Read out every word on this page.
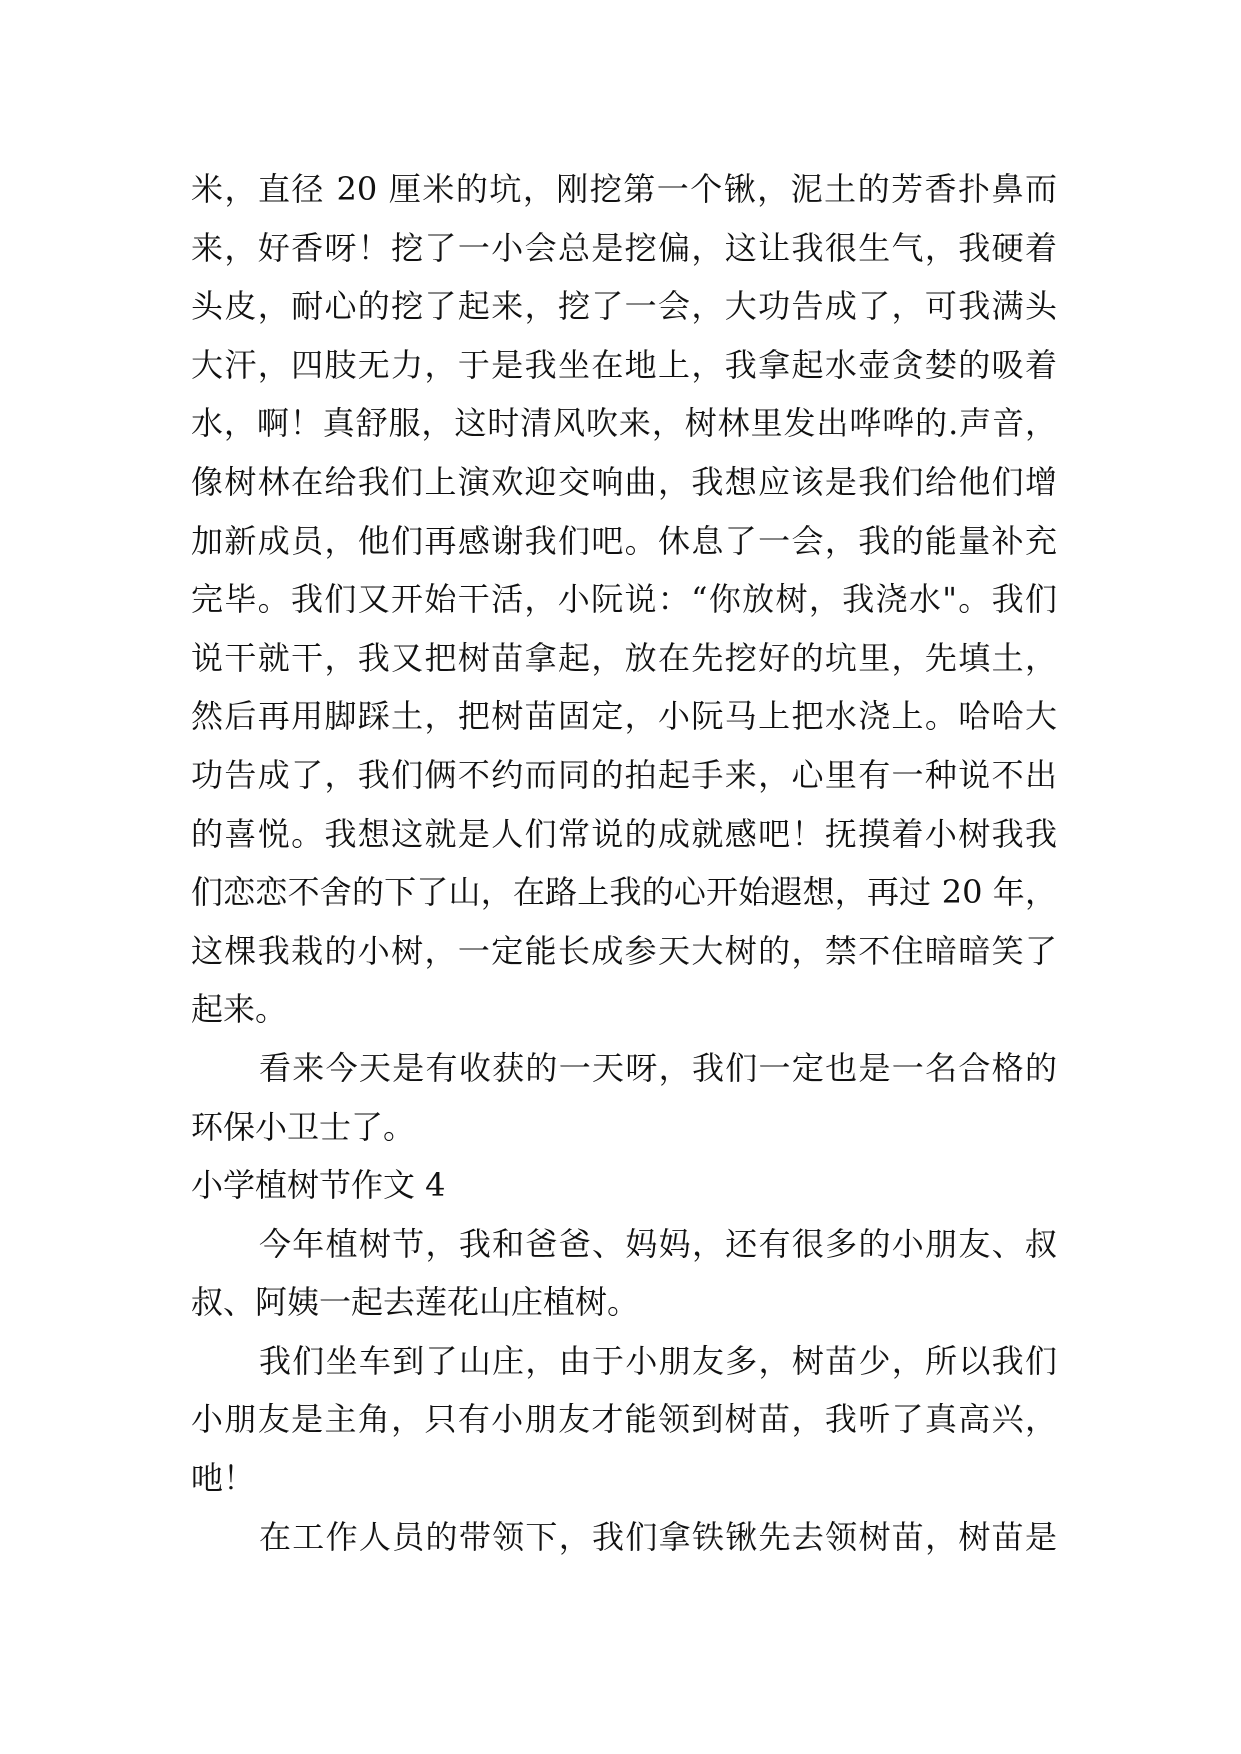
米，直径 20 厘米的坑，刚挖第一个锹，泥土的芳香扑鼻而
来，好香呀！挖了一小会总是挖偏，这让我很生气，我硬着
头皮，耐心的挖了起来，挖了一会，大功告成了，可我满头
大汗，四肢无力，于是我坐在地上，我拿起水壶贪婪的吸着
水，啊！真舒服，这时清风吹来，树林里发出哗哗的.声音，
像树林在给我们上演欢迎交响曲，我想应该是我们给他们增
加新成员，他们再感谢我们吧。休息了一会，我的能量补充
完毕。我们又开始干活，小阮说：“你放树，我浇水"。我们
说干就干，我又把树苗拿起，放在先挖好的坑里，先填土，
然后再用脚踩土，把树苗固定，小阮马上把水浇上。哈哈大
功告成了，我们俩不约而同的拍起手来，心里有一种说不出
的喜悦。我想这就是人们常说的成就感吧！抚摸着小树我我
们恋恋不舍的下了山，在路上我的心开始遐想，再过 20 年，
这棵我栽的小树，一定能长成参天大树的，禁不住暗暗笑了
起来。
看来今天是有收获的一天呀，我们一定也是一名合格的
环保小卫士了。
小学植树节作文 4
今年植树节，我和爸爸、妈妈，还有很多的小朋友、叔
叔、阿姨一起去莲花山庄植树。
我们坐车到了山庄，由于小朋友多，树苗少，所以我们
小朋友是主角，只有小朋友才能领到树苗，我听了真高兴，
吔！
在工作人员的带领下，我们拿铁锹先去领树苗，树苗是
